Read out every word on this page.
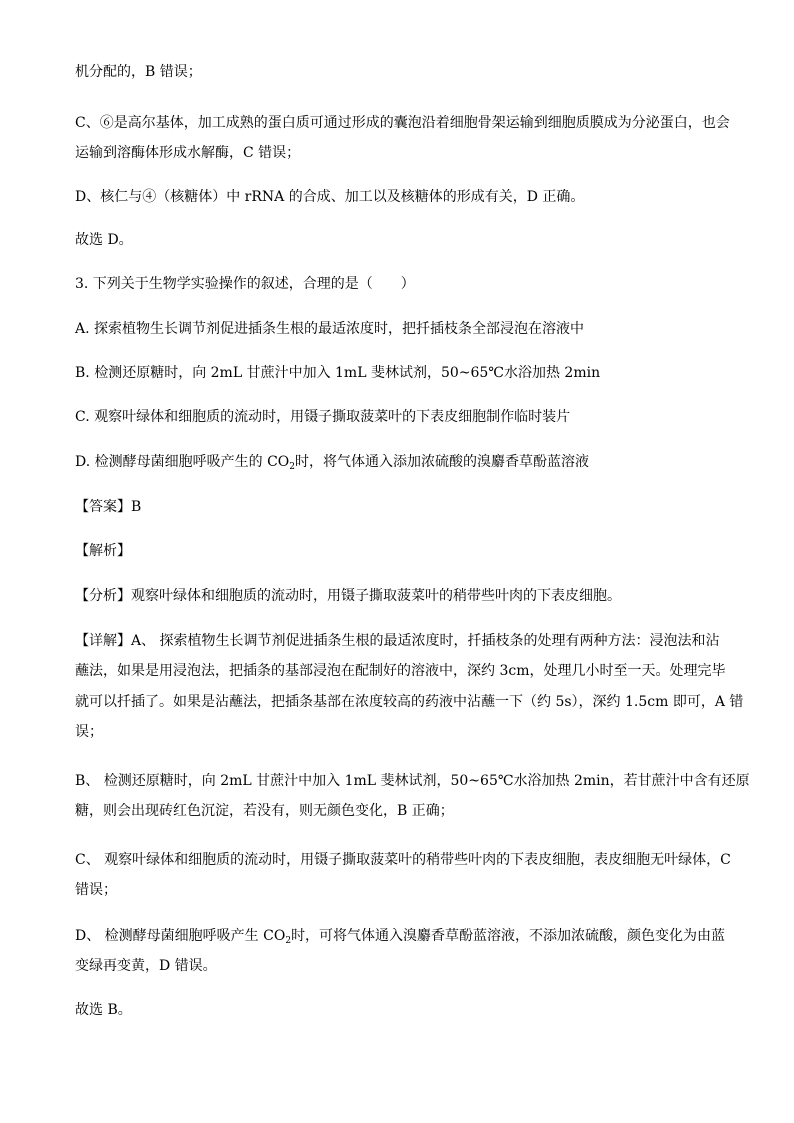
机分配的，B 错误；
C、⑥是高尔基体，加工成熟的蛋白质可通过形成的囊泡沿着细胞骨架运输到细胞质膜成为分泌蛋白，也会
运输到溶酶体形成水解酶，C 错误；
D、核仁与④（核糖体）中 rRNA 的合成、加工以及核糖体的形成有关，D 正确。
故选 D。
3. 下列关于生物学实验操作的叙述，合理的是（　　）
A. 探索植物生长调节剂促进插条生根的最适浓度时，把扦插枝条全部浸泡在溶液中
B. 检测还原糖时，向 2mL 甘蔗汁中加入 1mL 斐林试剂，50~65℃水浴加热 2min
C. 观察叶绿体和细胞质的流动时，用镊子撕取菠菜叶的下表皮细胞制作临时装片
D. 检测酵母菌细胞呼吸产生的 $CO_2$时，将气体通入添加浓硫酸的溴麝香草酚蓝溶液
【答案】B
【解析】
【分析】观察叶绿体和细胞质的流动时，用镊子撕取菠菜叶的稍带些叶肉的下表皮细胞。
【详解】A、 探索植物生长调节剂促进插条生根的最适浓度时，扦插枝条的处理有两种方法：浸泡法和沾
蘸法，如果是用浸泡法，把插条的基部浸泡在配制好的溶液中，深约 3cm，处理几小时至一天。处理完毕
就可以扦插了。如果是沾蘸法，把插条基部在浓度较高的药液中沾蘸一下（约 5s），深约 1.5cm 即可，A 错
误；
B、 检测还原糖时，向 2mL 甘蔗汁中加入 1mL 斐林试剂，50~65℃水浴加热 2min，若甘蔗汁中含有还原
糖，则会出现砖红色沉淀，若没有，则无颜色变化，B 正确；
C、 观察叶绿体和细胞质的流动时，用镊子撕取菠菜叶的稍带些叶肉的下表皮细胞，表皮细胞无叶绿体，C
错误；
D、 检测酵母菌细胞呼吸产生 $CO_2$时，可将气体通入溴麝香草酚蓝溶液，不添加浓硫酸，颜色变化为由蓝
变绿再变黄，D 错误。
故选 B。
